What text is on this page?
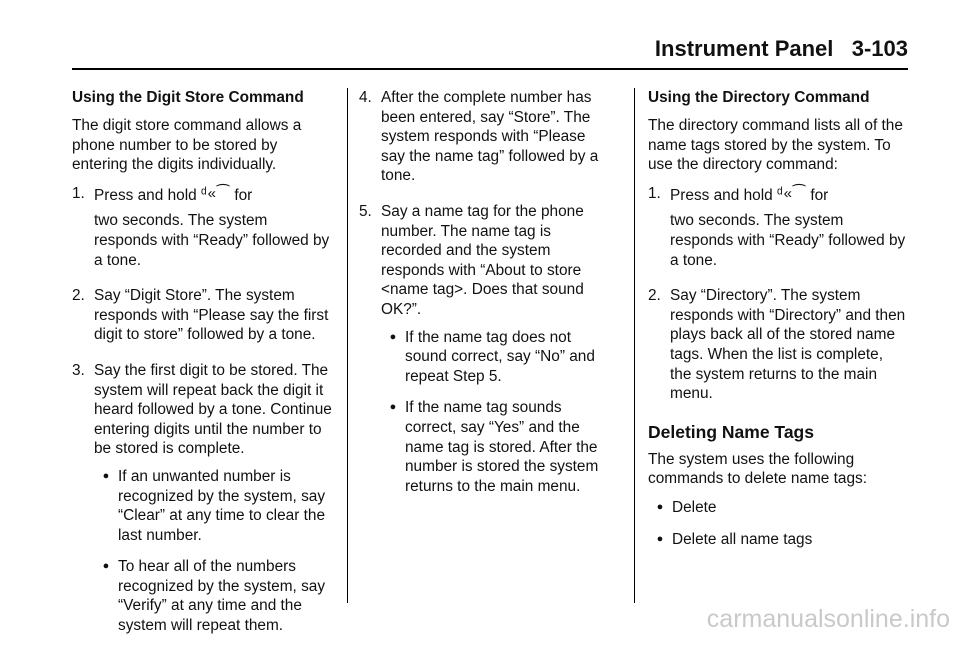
Instrument Panel   3-103
Using the Digit Store Command

The digit store command allows a phone number to be stored by entering the digits individually.

1. Press and hold ᵈ«⁀ for

two seconds. The system responds with “Ready” followed by a tone.

2. Say “Digit Store”. The system responds with “Please say the first digit to store” followed by a tone.

3. Say the first digit to be stored. The system will repeat back the digit it heard followed by a tone. Continue entering digits until the number to be stored is complete.

● If an unwanted number is recognized by the system, say “Clear” at any time to clear the last number.
● To hear all of the numbers recognized by the system, say “Verify” at any time and the system will repeat them.
4. After the complete number has been entered, say “Store”. The system responds with “Please say the name tag” followed by a tone.

5. Say a name tag for the phone number. The name tag is recorded and the system responds with “About to store <name tag>. Does that sound OK?”.

● If the name tag does not sound correct, say “No” and repeat Step 5.
● If the name tag sounds correct, say “Yes” and the name tag is stored. After the number is stored the system returns to the main menu.
Using the Directory Command

The directory command lists all of the name tags stored by the system. To use the directory command:

1. Press and hold ᵈ«⁀ for

two seconds. The system responds with “Ready” followed by a tone.

2. Say “Directory”. The system responds with “Directory” and then plays back all of the stored name tags. When the list is complete, the system returns to the main menu.

Deleting Name Tags

The system uses the following commands to delete name tags:

● Delete
● Delete all name tags
carmanualsonline.info
